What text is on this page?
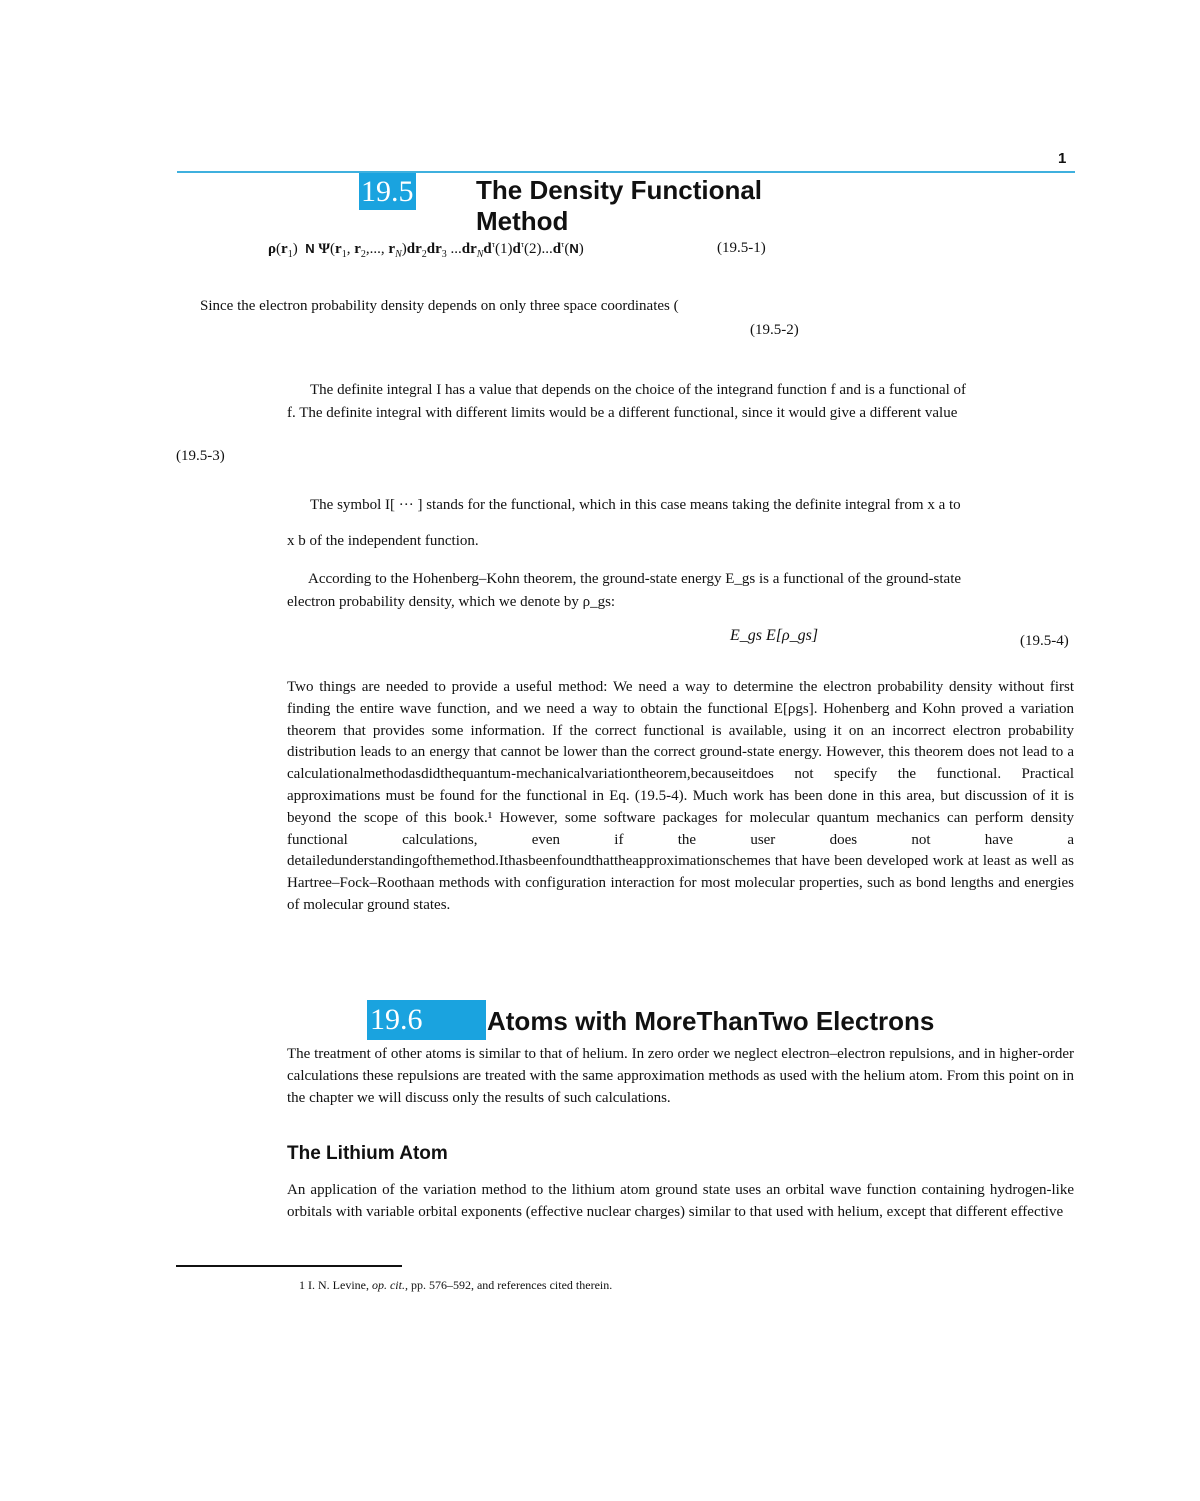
1
19.5 The Density Functional Method
$\rho(r_1)$  N $\Psi(r_1$, $r_2$,..., $r_N)dr_2dr_3$ $...dr_Nd^\tau(1)d^\tau(2)...d^\tau(N)$	(19.5-1)
Since the electron probability density depends on only three space coordinates (
(19.5-2)
The definite integral I has a value that depends on the choice of the integrand function f and is a functional of
f. The definite integral with different limits would be a different functional, since it would give a different value
(19.5-3)
The symbol I[ ··· ] stands for the functional, which in this case means taking the definite integral from x a to
x b of the independent function.
According to the Hohenberg–Kohn theorem, the ground-state energy E_gs is a functional of the ground-state
electron probability density, which we denote by ρ_gs:
E_gs E[ρ_gs]	(19.5-4)

Two things are needed to provide a useful method: We need a way to determine the electron probability density without first finding the entire wave function, and we need a way to obtain the functional E[ρgs]. Hohenberg and Kohn proved a variation theorem that provides some information. If the correct functional is available, using it on an incorrect electron probability distribution leads to an energy that cannot be lower than the correct ground-state energy. However, this theorem does not lead to a calculationalmethodasdidthequantum-mechanicalvariationtheorem,becauseitdoes not specify the functional. Practical approximations must be found for the functional in Eq. (19.5-4). Much work has been done in this area, but discussion of it is beyond the scope of this book.¹ However, some software packages for molecular quantum mechanics can perform density functional calculations, even if the user does not have a detailedunderstandingofthemethod.Ithasbeenfoundthattheapproximationschemes that have been developed work at least as well as Hartree–Fock–Roothaan methods with configuration interaction for most molecular properties, such as bond lengths and energies of molecular ground states.

19.6	Atoms with MoreThanTwo Electrons

The treatment of other atoms is similar to that of helium. In zero order we neglect electron–electron repulsions, and in higher-order calculations these repulsions are treated with the same approximation methods as used with the helium atom. From this point on in the chapter we will discuss only the results of such calculations.

The Lithium Atom

An application of the variation method to the lithium atom ground state uses an orbital wave function containing hydrogen-like orbitals with variable orbital exponents (effective nuclear charges) similar to that used with helium, except that different effective

1 I. N. Levine, op. cit., pp. 576–592, and references cited therein.
